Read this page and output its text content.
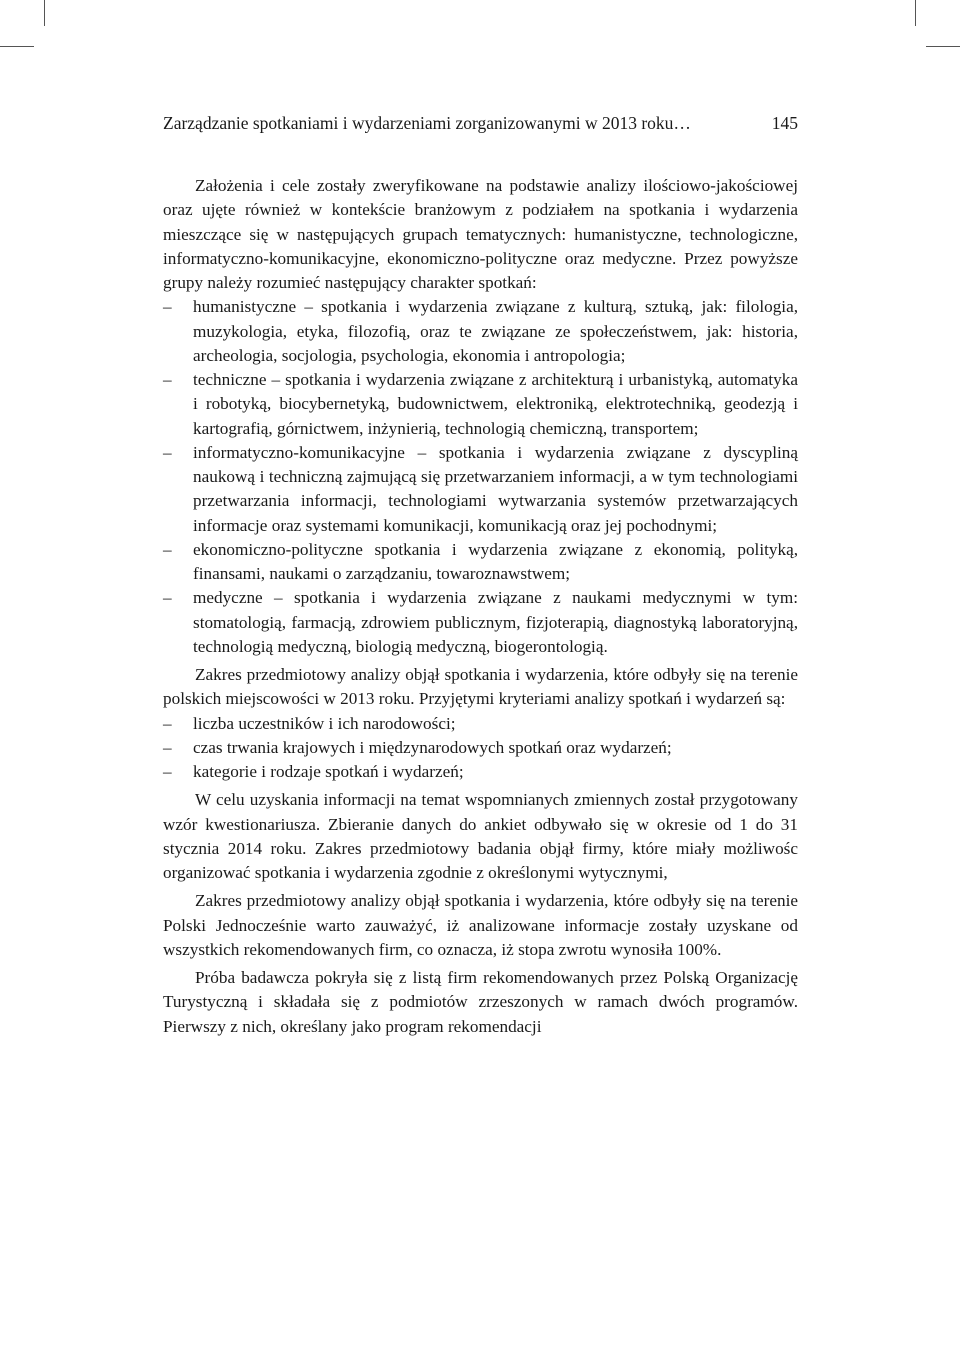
Zarządzanie spotkaniami i wydarzeniami zorganizowanymi w 2013 roku…	145

Założenia i cele zostały zweryfikowane na podstawie analizy ilościowo-jakościowej oraz ujęte również w kontekście branżowym z podziałem na spotkania i wydarzenia mieszczące się w następujących grupach tematycznych: humanistyczne, technologiczne, informatyczno-komunikacyjne, ekonomiczno-polityczne oraz medyczne. Przez powyższe grupy należy rozumieć następujący charakter spotkań:

– humanistyczne – spotkania i wydarzenia związane z kulturą, sztuką, jak: filologia, muzykologia, etyka, filozofią, oraz te związane ze społeczeństwem, jak: historia, archeologia, socjologia, psychologia, ekonomia i antropologia;
– techniczne – spotkania i wydarzenia związane z architekturą i urbanistyką, automatyka i robotyką, biocybernetyką, budownictwem, elektroniką, elektrotechniką, geodezją i kartografią, górnictwem, inżynierią, technologią chemiczną, transportem;
– informatyczno-komunikacyjne – spotkania i wydarzenia związane z dyscypliną naukową i techniczną zajmującą się przetwarzaniem informacji, a w tym technologiami przetwarzania informacji, technologiami wytwarzania systemów przetwarzających informacje oraz systemami komunikacji, komunikacją oraz jej pochodnymi;
– ekonomiczno-polityczne spotkania i wydarzenia związane z ekonomią, polityką, finansami, naukami o zarządzaniu, towaroznawstwem;
– medyczne – spotkania i wydarzenia związane z naukami medycznymi w tym: stomatologią, farmacją, zdrowiem publicznym, fizjoterapią, diagnostyką laboratoryjną, technologią medyczną, biologią medyczną, biogerontologią.

Zakres przedmiotowy analizy objął spotkania i wydarzenia, które odbyły się na terenie polskich miejscowości w 2013 roku. Przyjętymi kryteriami analizy spotkań i wydarzeń są:

– liczba uczestników i ich narodowości;
– czas trwania krajowych i międzynarodowych spotkań oraz wydarzeń;
– kategorie i rodzaje spotkań i wydarzeń;

W celu uzyskania informacji na temat wspomnianych zmiennych został przygotowany wzór kwestionariusza. Zbieranie danych do ankiet odbywało się w okresie od 1 do 31 stycznia 2014 roku. Zakres przedmiotowy badania objął firmy, które miały możliwośc organizować spotkania i wydarzenia zgodnie z określonymi wytycznymi,

Zakres przedmiotowy analizy objął spotkania i wydarzenia, które odbyły się na terenie Polski Jednocześnie warto zauważyć, iż analizowane informacje zostały uzyskane od wszystkich rekomendowanych firm, co oznacza, iż stopa zwrotu wynosiła 100%.

Próba badawcza pokryła się z listą firm rekomendowanych przez Polską Organizację Turystyczną i składała się z podmiotów zrzeszonych w ramach dwóch programów. Pierwszy z nich, określany jako program rekomendacji
